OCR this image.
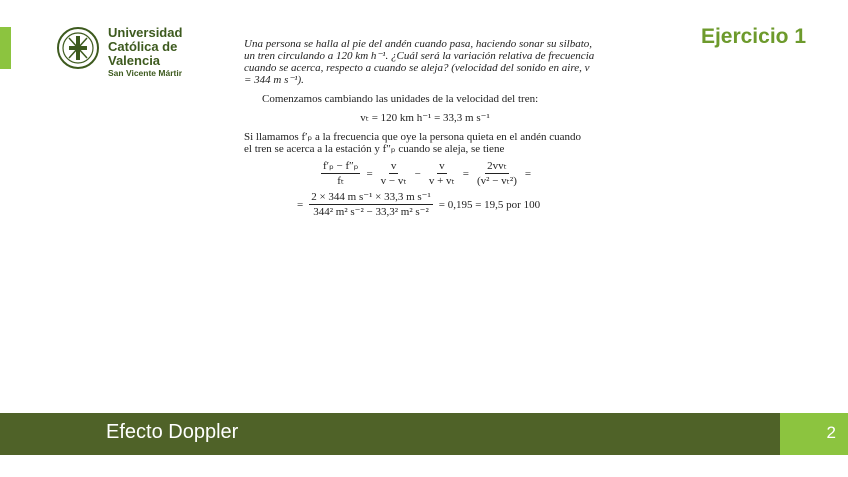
Universidad
Católica de
Valencia
San Vicente Mártir
Ejercicio 1
Una persona se halla al pie del andén cuando pasa, haciendo sonar su silbato,
un tren circulando a 120 km h⁻¹. ¿Cuál será la variación relativa de frecuencia
cuando se acerca, respecto a cuando se aleja? (velocidad del sonido en aire, v
= 344 m s⁻¹).
Comenzamos cambiando las unidades de la velocidad del tren:
vₜ = 120 km h⁻¹ = 33,3 m s⁻¹
Si llamamos f′ₚ a la frecuencia que oye la persona quieta en el andén cuando
el tren se acerca a la estación y f″ₚ cuando se aleja, se tiene
$\frac{\text{f′ₚ − f″ₚ}}{\text{fₜ}} = \frac{v}{\text{v − vₜ}} - \frac{v}{\text{v + vₜ}} = \frac{\text{2vvₜ}}{\text{(v² − vₜ²)}}$ =
= $\frac{\text{2 × 344 m s⁻¹ × 33,3 m s⁻¹}}{\text{344² m² s⁻² − 33,3² m² s⁻²}} = 0,195 = 19,5$ por 100
Efecto Doppler	2
